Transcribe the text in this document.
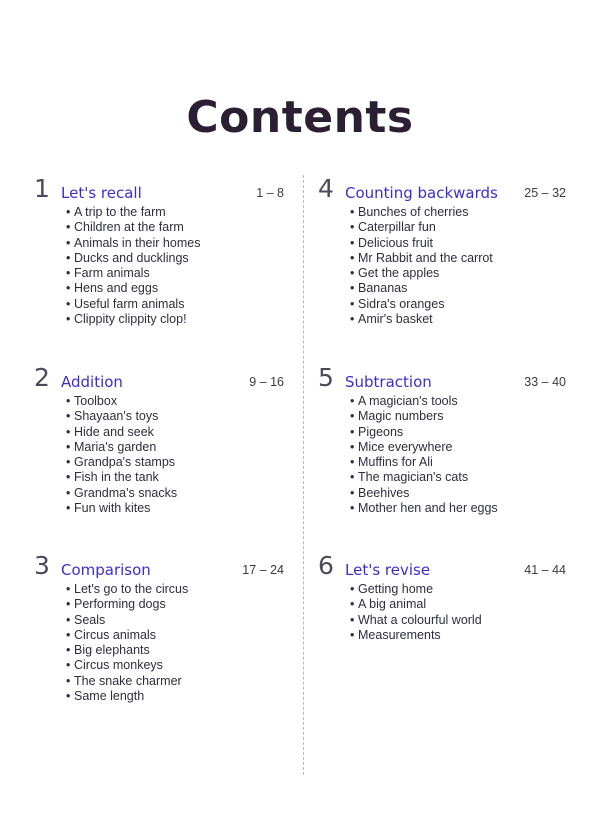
Contents
1 Let's recall	1 – 8
• A trip to the farm
• Children at the farm
• Animals in their homes
• Ducks and ducklings
• Farm animals
• Hens and eggs
• Useful farm animals
• Clippity clippity clop!
2 Addition	9 – 16
• Toolbox
• Shayaan's toys
• Hide and seek
• Maria's garden
• Grandpa's stamps
• Fish in the tank
• Grandma's snacks
• Fun with kites
3 Comparison	17 – 24
• Let's go to the circus
• Performing dogs
• Seals
• Circus animals
• Big elephants
• Circus monkeys
• The snake charmer
• Same length
4 Counting backwards 25 – 32
• Bunches of cherries
• Caterpillar fun
• Delicious fruit
• Mr Rabbit and the carrot
• Get the apples
• Bananas
• Sidra's oranges
• Amir's basket
5 Subtraction	33 – 40
• A magician's tools
• Magic numbers
• Pigeons
• Mice everywhere
• Muffins for Ali
• The magician's cats
• Beehives
• Mother hen and her eggs
6 Let's revise	41 – 44
• Getting home
• A big animal
• What a colourful world
• Measurements
